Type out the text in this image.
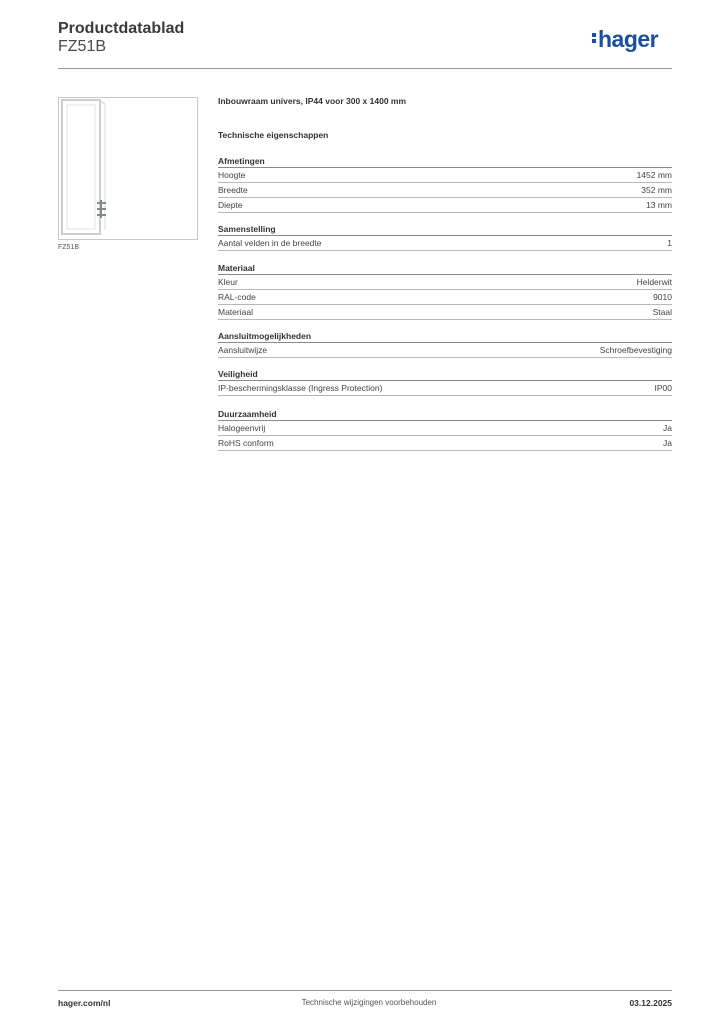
Productdatablad
FZ51B	hager
FZ51B
Inbouwraam univers, IP44 voor 300 x 1400 mm
Technische eigenschappen
Afmetingen
Hoogte	1452 mm
Breedte	352 mm
Diepte	13 mm
Samenstelling
Aantal velden in de breedte	1
Materiaal
Kleur	Helderwit
RAL-code	9010
Materiaal	Staal
Aansluitmogelijkheden
Aansluitwijze	Schroefbevestiging
Veiligheid
IP-beschermingsklasse (Ingress Protection)	IP00
Duurzaamheid
Halogeenvrij	Ja
RoHS conform	Ja
hager.com/nl	Technische wijzigingen voorbehouden	03.12.2025
